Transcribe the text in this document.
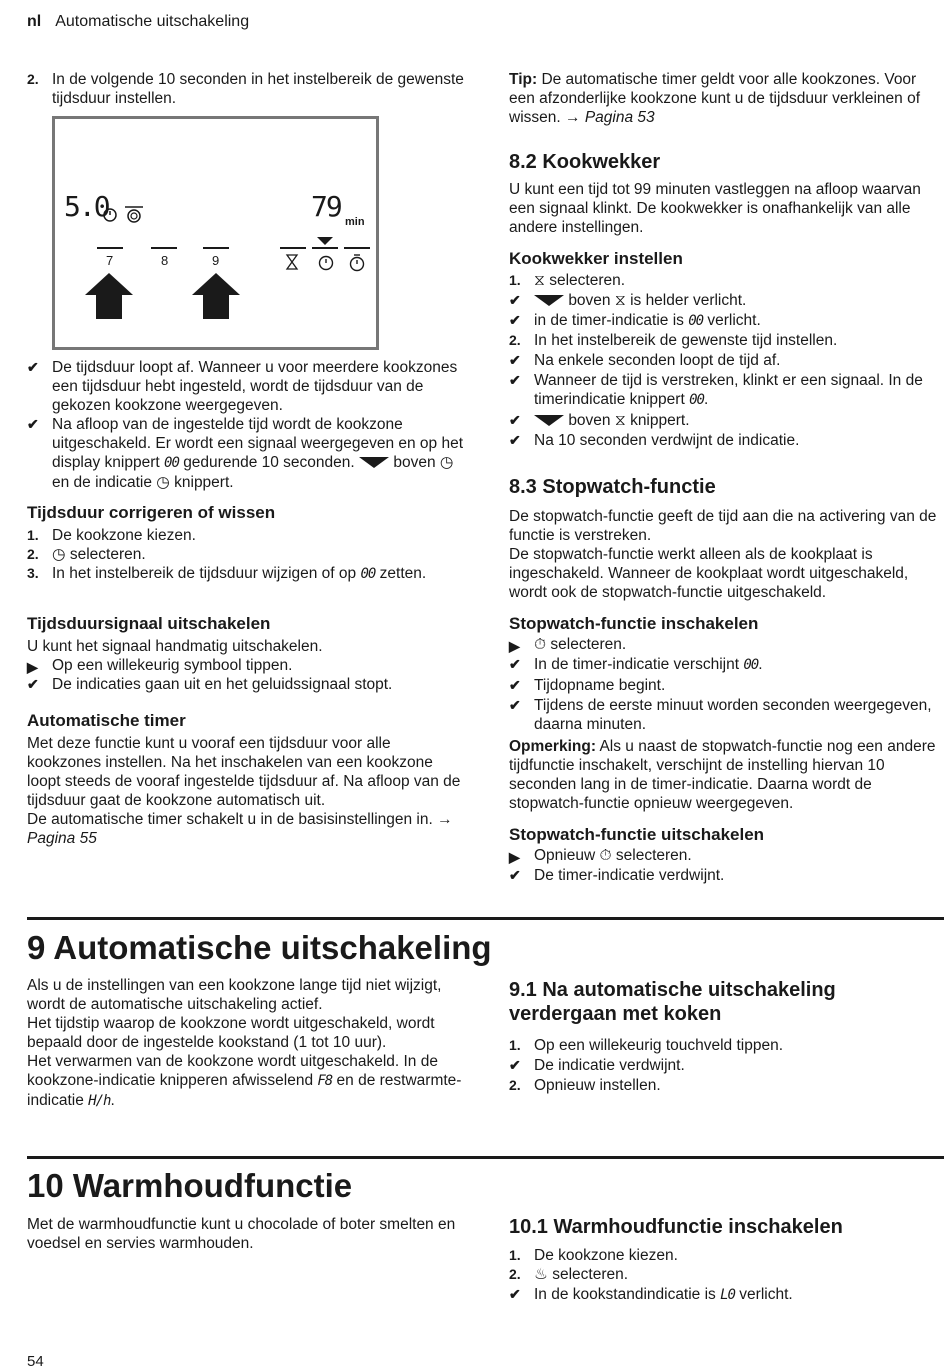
nl Automatische uitschakeling
2. In de volgende 10 seconden in het instelbereik de gewenste tijdsduur instellen.
5.0	79 min
7	8	9
✔ De tijdsduur loopt af. Wanneer u voor meerdere kookzones een tijdsduur hebt ingesteld, wordt de tijdsduur van de gekozen kookzone weergegeven.
✔ Na afloop van de ingestelde tijd wordt de kookzone uitgeschakeld. Er wordt een signaal weergegeven en op het display knippert 00 gedurende 10 seconden. boven ◷ en de indicatie ◷ knippert.
Tijdsduur corrigeren of wissen
1. De kookzone kiezen.
2. ◷ selecteren.
3. In het instelbereik de tijdsduur wijzigen of op 00 zetten.
Tijdsduursignaal uitschakelen

U kunt het signaal handmatig uitschakelen.

▶ Op een willekeurig symbool tippen.
✔ De indicaties gaan uit en het geluidssignaal stopt.
Automatische timer

Met deze functie kunt u vooraf een tijdsduur voor alle kookzones instellen. Na het inschakelen van een kookzone loopt steeds de vooraf ingestelde tijdsduur af. Na afloop van de tijdsduur gaat de kookzone automatisch uit.

De automatische timer schakelt u in de basisinstellingen in. → Pagina 55

Tip: De automatische timer geldt voor alle kookzones. Voor een afzonderlijke kookzone kunt u de tijdsduur verkleinen of wissen. → Pagina 53

8.2 Kookwekker

U kunt een tijd tot 99 minuten vastleggen na afloop waarvan een signaal klinkt. De kookwekker is onafhankelijk van alle andere instellingen.

Kookwekker instellen
1. ⧖ selecteren.
✔	boven ⧖ is helder verlicht.
✔ in de timer-indicatie is 00 verlicht.
2. In het instelbereik de gewenste tijd instellen.
✔ Na enkele seconden loopt de tijd af.
✔ Wanneer de tijd is verstreken, klinkt er een signaal. In de timerindicatie knippert 00.
✔	boven ⧖ knippert.
✔ Na 10 seconden verdwijnt de indicatie.
8.3 Stopwatch-functie

De stopwatch-functie geeft de tijd aan die na activering van de functie is verstreken.

De stopwatch-functie werkt alleen als de kookplaat is ingeschakeld. Wanneer de kookplaat wordt uitgeschakeld, wordt ook de stopwatch-functie uitgeschakeld.

Stopwatch-functie inschakelen
▶ ⏱ selecteren.
✔ In de timer-indicatie verschijnt 00.
✔ Tijdopname begint.
✔ Tijdens de eerste minuut worden seconden weergegeven, daarna minuten.

Opmerking: Als u naast de stopwatch-functie nog een andere tijdfunctie inschakelt, verschijnt de instelling hiervan 10 seconden lang in de timer-indicatie. Daarna wordt de stopwatch-functie opnieuw weergegeven.

Stopwatch-functie uitschakelen
▶ Opnieuw ⏱ selecteren.
✔ De timer-indicatie verdwijnt.
9 Automatische uitschakeling

Als u de instellingen van een kookzone lange tijd niet wijzigt, wordt de automatische uitschakeling actief.

Het tijdstip waarop de kookzone wordt uitgeschakeld, wordt bepaald door de ingestelde kookstand (1 tot 10 uur).

Het verwarmen van de kookzone wordt uitgeschakeld. In de kookzone-indicatie knipperen afwisselend F8 en de restwarmte-indicatie H/h.

9.1 Na automatische uitschakeling verdergaan met koken
1. Op een willekeurig touchveld tippen.
✔ De indicatie verdwijnt.
2. Opnieuw instellen.
10 Warmhoudfunctie

Met de warmhoudfunctie kunt u chocolade of boter smelten en voedsel en servies warmhouden.

10.1 Warmhoudfunctie inschakelen
1. De kookzone kiezen.
2. ♨ selecteren.
✔ In de kookstandindicatie is L0 verlicht.
54
